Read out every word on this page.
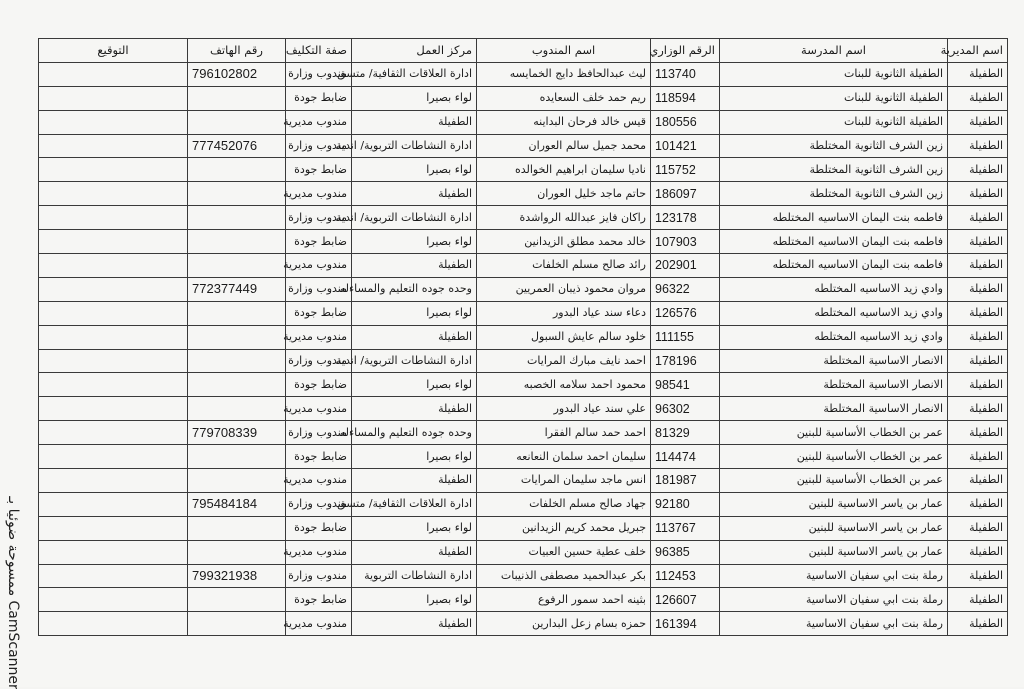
اسم المديرية	اسم المدرسة	الرقم الوزاري	اسم المندوب	مركز العمل	صفة التكليف	رقم الهاتف	التوقيع
الطفيلة	الطفيلة الثانوية للبنات	113740	ليث عبدالحافظ دايج الخمايسه	ادارة العلاقات الثقافية/ متسق	مندوب وزارة	796102802	
الطفيلة	الطفيلة الثانوية للبنات	118594	ريم حمد خلف السعايده	لواء بصيرا	ضابط جودة		
الطفيلة	الطفيلة الثانوية للبنات	180556	قيس خالد فرحان البداينه	الطفيلة	مندوب مديرية		
الطفيلة	زين الشرف الثانوية المختلطة	101421	محمد جميل سالم العوران	ادارة النشاطات التربوية/ اندية	مندوب وزارة	777452076	
الطفيلة	زين الشرف الثانوية المختلطة	115752	ناديا سليمان ابراهيم الخوالده	لواء بصيرا	ضابط جودة		
الطفيلة	زين الشرف الثانوية المختلطة	186097	حاتم ماجد خليل العوران	الطفيلة	مندوب مديرية		
الطفيلة	فاطمه بنت اليمان الاساسيه المختلطه	123178	راكان فايز عبدالله الرواشدة	ادارة النشاطات التربوية/ اندية	مندوب وزارة		
الطفيلة	فاطمه بنت اليمان الاساسيه المختلطه	107903	خالد محمد مطلق الزيدانين	لواء بصيرا	ضابط جودة		
الطفيلة	فاطمه بنت اليمان الاساسيه المختلطه	202901	رائد صالح مسلم الخلفات	الطفيلة	مندوب مديرية		
الطفيلة	وادي زيد الاساسيه المختلطه	96322	مروان محمود ذيبان العمريين	وحده جوده التعليم والمساءله	مندوب وزارة	772377449	
الطفيلة	وادي زيد الاساسيه المختلطه	126576	دعاء سند عياد البدور	لواء بصيرا	ضابط جودة		
الطفيلة	وادي زيد الاساسيه المختلطه	111155	خلود سالم عايش السبول	الطفيلة	مندوب مديرية		
الطفيلة	الانصار الاساسية المختلطة	178196	احمد نايف مبارك المرايات	ادارة النشاطات التربوية/ اندية	مندوب وزارة		
الطفيلة	الانصار الاساسية المختلطة	98541	محمود احمد سلامه الخصبه	لواء بصيرا	ضابط جودة		
الطفيلة	الانصار الاساسية المختلطة	96302	علي سند عياد البدور	الطفيلة	مندوب مديرية		
الطفيلة	عمر بن الخطاب الأساسية للبنين	81329	احمد حمد سالم الفقرا	وحده جوده التعليم والمساءله	مندوب وزارة	779708339	
الطفيلة	عمر بن الخطاب الأساسية للبنين	114474	سليمان احمد سلمان النعانعه	لواء بصيرا	ضابط جودة		
الطفيلة	عمر بن الخطاب الأساسية للبنين	181987	انس ماجد سليمان المرايات	الطفيلة	مندوب مديرية		
الطفيلة	عمار بن ياسر الاساسية للبنين	92180	جهاد صالح مسلم الخلفات	ادارة العلاقات الثقافية/ متسق	مندوب وزارة	795484184	
الطفيلة	عمار بن ياسر الاساسية للبنين	113767	جبريل محمد كريم الزيدانين	لواء بصيرا	ضابط جودة		
الطفيلة	عمار بن ياسر الاساسية للبنين	96385	خلف عطية حسين العبيات	الطفيلة	مندوب مديرية		
الطفيلة	رملة بنت ابي سفيان الاساسية	112453	بكر عبدالحميد مصطفى الذنيبات	ادارة النشاطات التربوية	مندوب وزارة	799321938	
الطفيلة	رملة بنت ابي سفيان الاساسية	126607	بثينه احمد سمور الرفوع	لواء بصيرا	ضابط جودة		
الطفيلة	رملة بنت ابي سفيان الاساسية	161394	حمزه بسام زعل البدارين	الطفيلة	مندوب مديرية		
ممسوحة ضوئيا بـ CamScanner
